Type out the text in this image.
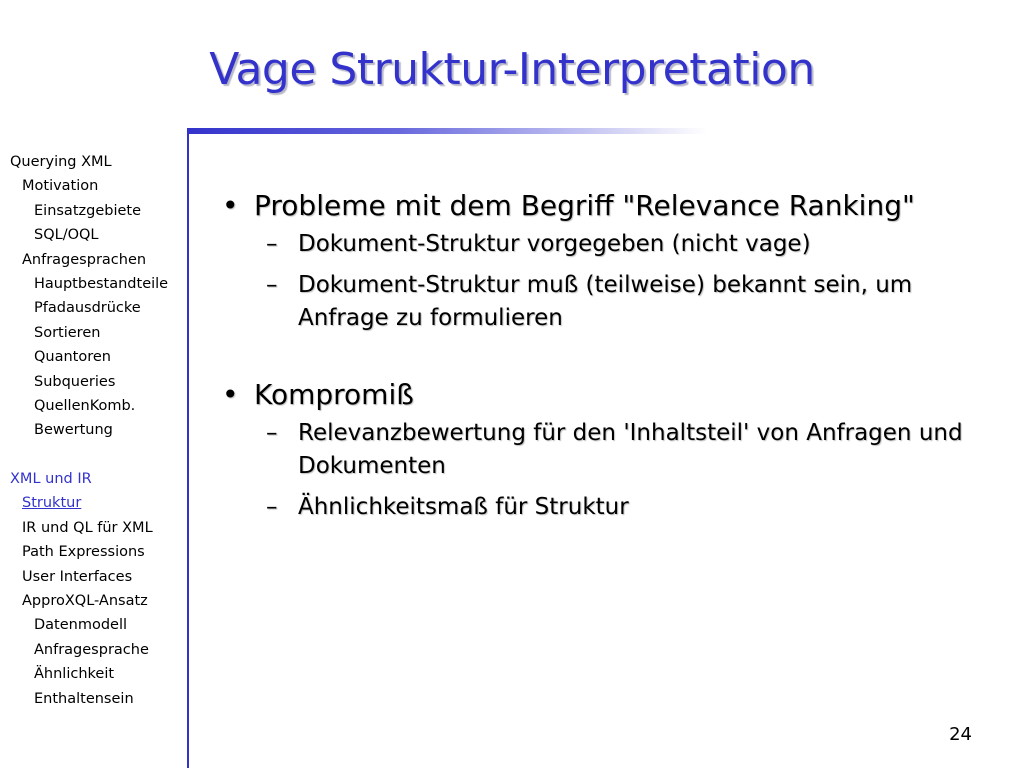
Vage Struktur-Interpretation
Querying XML
Motivation
Einsatzgebiete
SQL/OQL
Anfragesprachen
Hauptbestandteile
Pfadausdrücke
Sortieren
Quantoren
Subqueries
QuellenKomb.
Bewertung
XML und IR
Struktur
IR und QL für XML
Path Expressions
User Interfaces
ApproXQL-Ansatz
Datenmodell
Anfragesprache
Ähnlichkeit
Enthaltensein
• Probleme mit dem Begriff "Relevance Ranking"
– Dokument-Struktur vorgegeben (nicht vage)
– Dokument-Struktur muß (teilweise) bekannt sein, um Anfrage zu formulieren
• Kompromiß
– Relevanzbewertung für den 'Inhaltsteil' von Anfragen und Dokumenten
– Ähnlichkeitsmaß für Struktur
24
